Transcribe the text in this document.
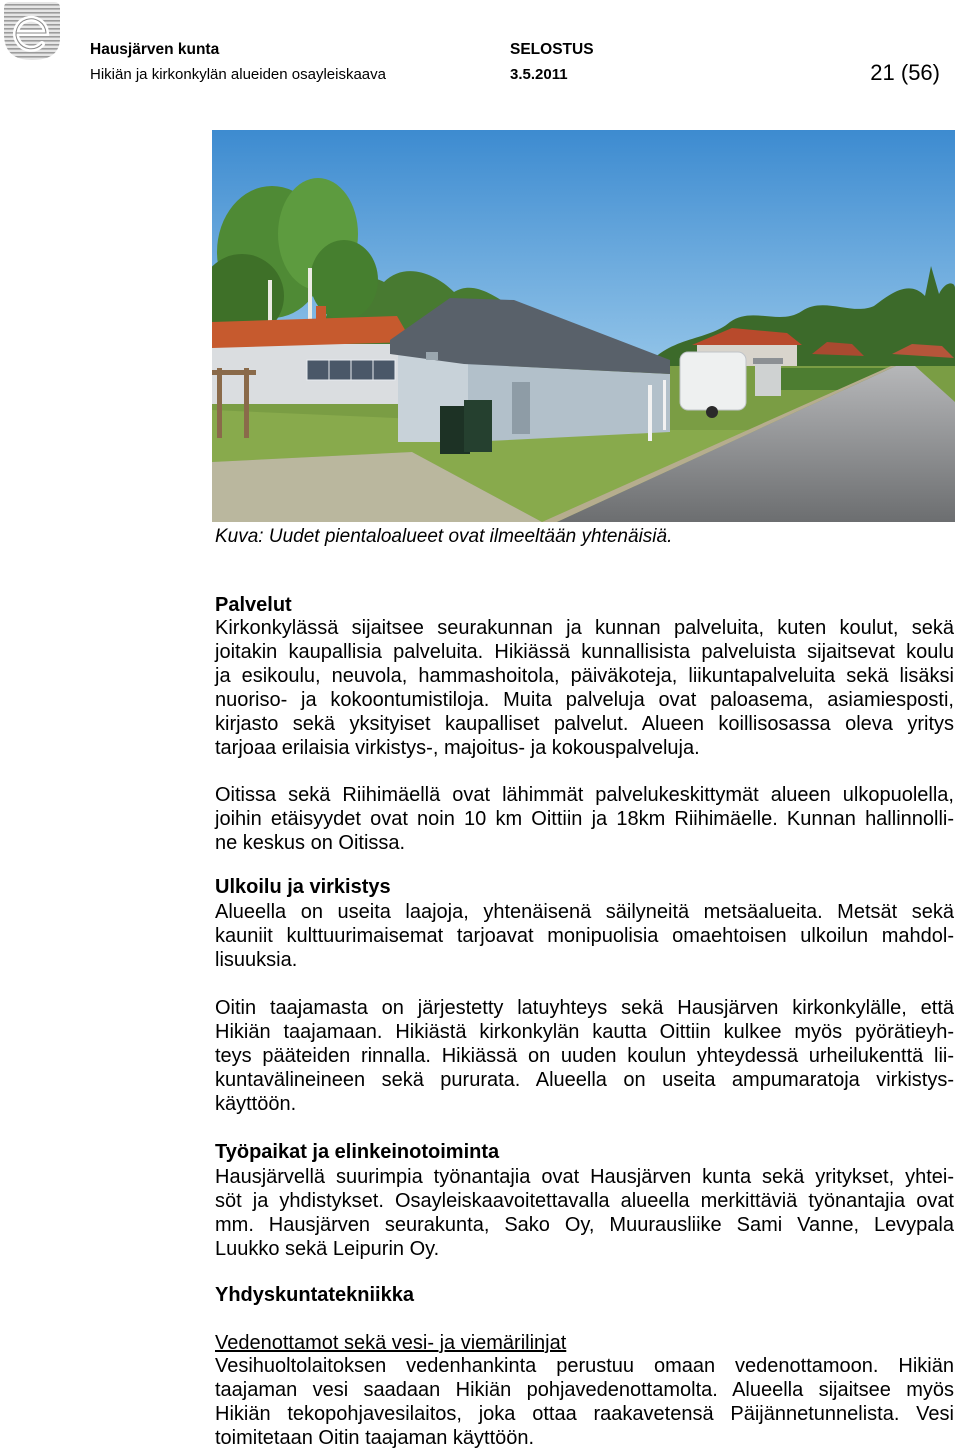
Hausjärven kunta
Hikiän ja kirkonkylän alueiden osayleiskaava
SELOSTUS
3.5.2011	21 (56)
Kuva: Uudet pientaloalueet ovat ilmeeltään yhtenäisiä.
Palvelut
Kirkonkylässä sijaitsee seurakunnan ja kunnan palveluita, kuten koulut, sekä
joitakin kaupallisia palveluita. Hikiässä kunnallisista palveluista sijaitsevat koulu
ja esikoulu, neuvola, hammashoitola, päiväkoteja, liikuntapalveluita sekä lisäksi
nuoriso- ja kokoontumistiloja. Muita palveluja ovat paloasema, asiamiesposti,
kirjasto sekä yksityiset kaupalliset palvelut. Alueen koillisosassa oleva yritys
tarjoaa erilaisia virkistys-, majoitus- ja kokouspalveluja.
Oitissa sekä Riihimäellä ovat lähimmät palvelukeskittymät alueen ulkopuolella,
joihin etäisyydet ovat noin 10 km Oittiin ja 18km Riihimäelle. Kunnan hallinnolli-
ne keskus on Oitissa.
Ulkoilu ja virkistys
Alueella on useita laajoja, yhtenäisenä säilyneitä metsäalueita. Metsät sekä
kauniit kulttuurimaisemat tarjoavat monipuolisia omaehtoisen ulkoilun mahdol-
lisuuksia.
Oitin taajamasta on järjestetty latuyhteys sekä Hausjärven kirkonkylälle, että
Hikiän taajamaan. Hikiästä kirkonkylän kautta Oittiin kulkee myös pyörätieyh-
teys pääteiden rinnalla. Hikiässä on uuden koulun yhteydessä urheilukenttä lii-
kuntavälineineen sekä pururata. Alueella on useita ampumaratoja virkistys-
käyttöön.
Työpaikat ja elinkeinotoiminta
Hausjärvellä suurimpia työnantajia ovat Hausjärven kunta sekä yritykset, yhtei-
söt ja yhdistykset. Osayleiskaavoitettavalla alueella merkittäviä työnantajia ovat
mm. Hausjärven seurakunta, Sako Oy, Muurausliike Sami Vanne, Levypala
Luukko sekä Leipurin Oy.
Yhdyskuntatekniikka
Vedenottamot sekä vesi- ja viemärilinjat
Vesihuoltolaitoksen vedenhankinta perustuu omaan vedenottamoon. Hikiän
taajaman vesi saadaan Hikiän pohjavedenottamolta. Alueella sijaitsee myös
Hikiän tekopohjavesilaitos, joka ottaa raakavetensä Päijännetunnelista. Vesi
toimitetaan Oitin taajaman käyttöön.
